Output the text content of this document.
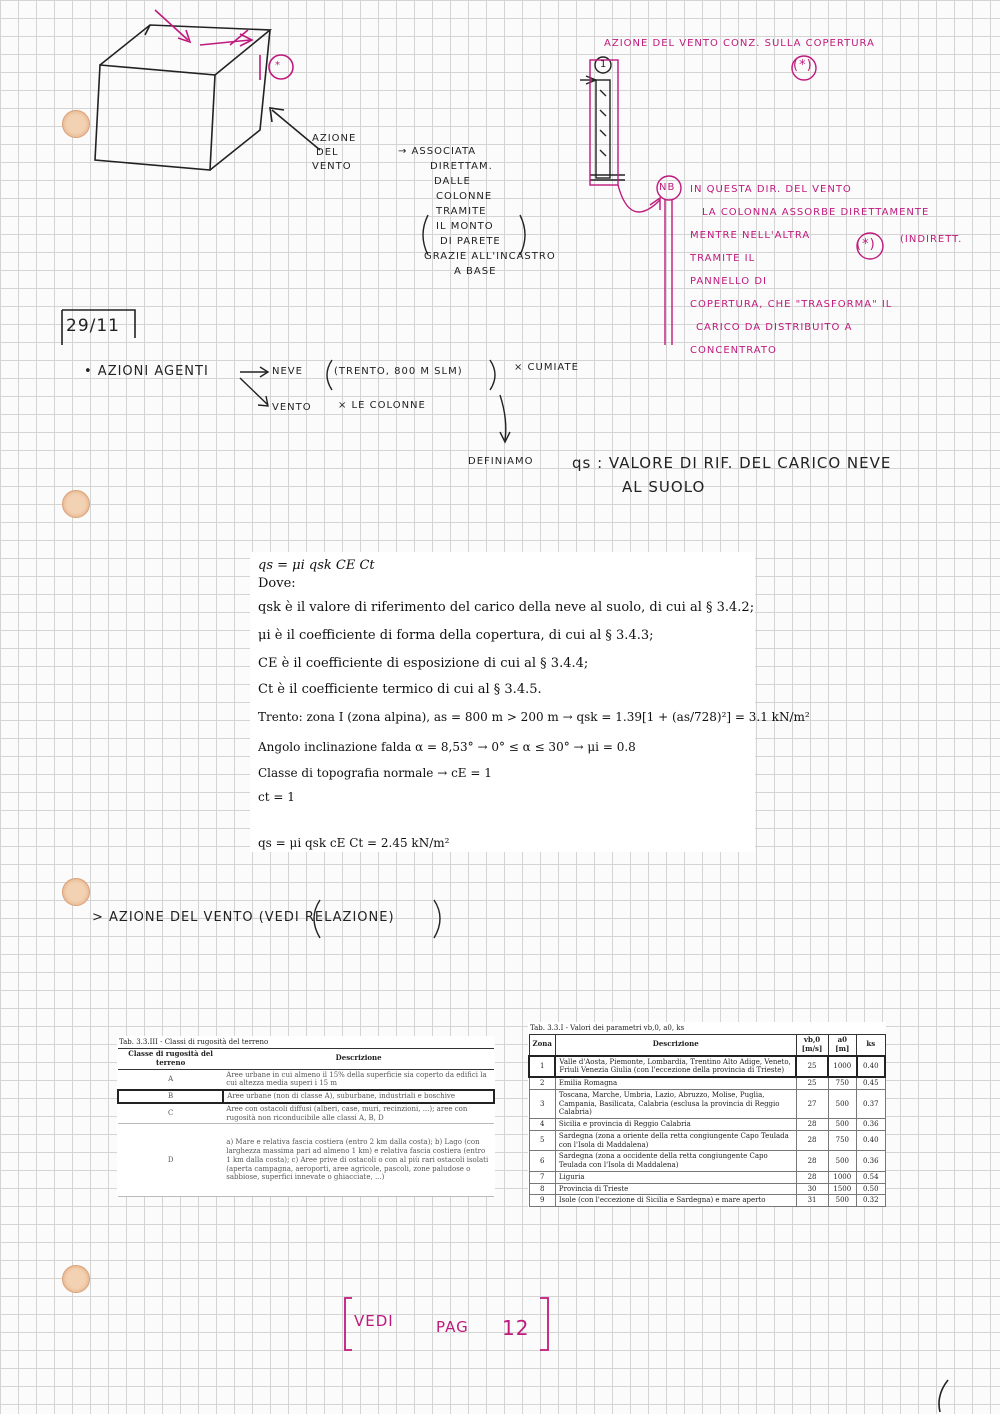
AZIONE
DEL
VENTO
→ ASSOCIATA
DIRETTAM.
DALLE
COLONNE
TRAMITE
IL MONTO
DI PARETE
GRAZIE ALL'INCASTRO
A BASE
*	1
AZIONE DEL VENTO CONZ. SULLA COPERTURA
(*)
NB IN QUESTA DIR. DEL VENTO
LA COLONNA ASSORBE DIRETTAMENTE
MENTRE NELL'ALTRA
TRAMITE IL
PANNELLO DI
COPERTURA, CHE "TRASFORMA" IL
CARICO DA DISTRIBUITO A
CONCENTRATO
(INDIRETT.
(*)
29/11
• AZIONI AGENTI	NEVE	(TRENTO, 800 M SLM)	× CUMIATE
VENTO	× LE COLONNE
DEFINIAMO	qs : VALORE DI RIF. DEL CARICO NEVE
AL SUOLO
qs = μi qsk CE Ct
Dove:
qsk è il valore di riferimento del carico della neve al suolo, di cui al § 3.4.2;
μi è il coefficiente di forma della copertura, di cui al § 3.4.3;
CE è il coefficiente di esposizione di cui al § 3.4.4;
Ct è il coefficiente termico di cui al § 3.4.5.
Trento: zona I (zona alpina), as = 800 m > 200 m → qsk = 1.39[1 + (as/728)²] = 3.1 kN/m²
Angolo inclinazione falda α = 8,53° → 0° ≤ α ≤ 30° → μi = 0.8
Classe di topografia normale → cE = 1
ct = 1
qs = μi qsk cE Ct = 2.45 kN/m²
> AZIONE DEL VENTO (VEDI RELAZIONE)
Tab. 3.3.III - Classi di rugosità del terreno
Classe di rugosità del terreno	Descrizione
A	Aree urbane in cui almeno il 15% della superficie sia coperto da edifici la cui altezza media superi i 15 m
B	Aree urbane (non di classe A), suburbane, industriali e boschive
C	Aree con ostacoli diffusi (alberi, case, muri, recinzioni, ...); aree con rugosità non riconducibile alle classi A, B, D
D	a) Mare e relativa fascia costiera (entro 2 km dalla costa); b) Lago (con larghezza massima pari ad almeno 1 km) e relativa fascia costiera (entro 1 km dalla costa); c) Aree prive di ostacoli o con al più rari ostacoli isolati (aperta campagna, aeroporti, aree agricole, pascoli, zone paludose o sabbiose, superfici innevate o ghiacciate, ...)
Tab. 3.3.I - Valori dei parametri vb,0, a0, ks
Zona	Descrizione	vb,0 [m/s]	a0 [m]	ks
1	Valle d'Aosta, Piemonte, Lombardia, Trentino Alto Adige, Veneto, Friuli Venezia Giulia (con l'eccezione della provincia di Trieste)	25	1000	0.40
2	Emilia Romagna	25	750	0.45
3	Toscana, Marche, Umbria, Lazio, Abruzzo, Molise, Puglia, Campania, Basilicata, Calabria (esclusa la provincia di Reggio Calabria)	27	500	0.37
4	Sicilia e provincia di Reggio Calabria	28	500	0.36
5	Sardegna (zona a oriente della retta congiungente Capo Teulada con l'Isola di Maddalena)	28	750	0.40
6	Sardegna (zona a occidente della retta congiungente Capo Teulada con l'Isola di Maddalena)	28	500	0.36
7	Liguria	28	1000	0.54
8	Provincia di Trieste	30	1500	0.50
9	Isole (con l'eccezione di Sicilia e Sardegna) e mare aperto	31	500	0.32
VEDI	PAG 12
